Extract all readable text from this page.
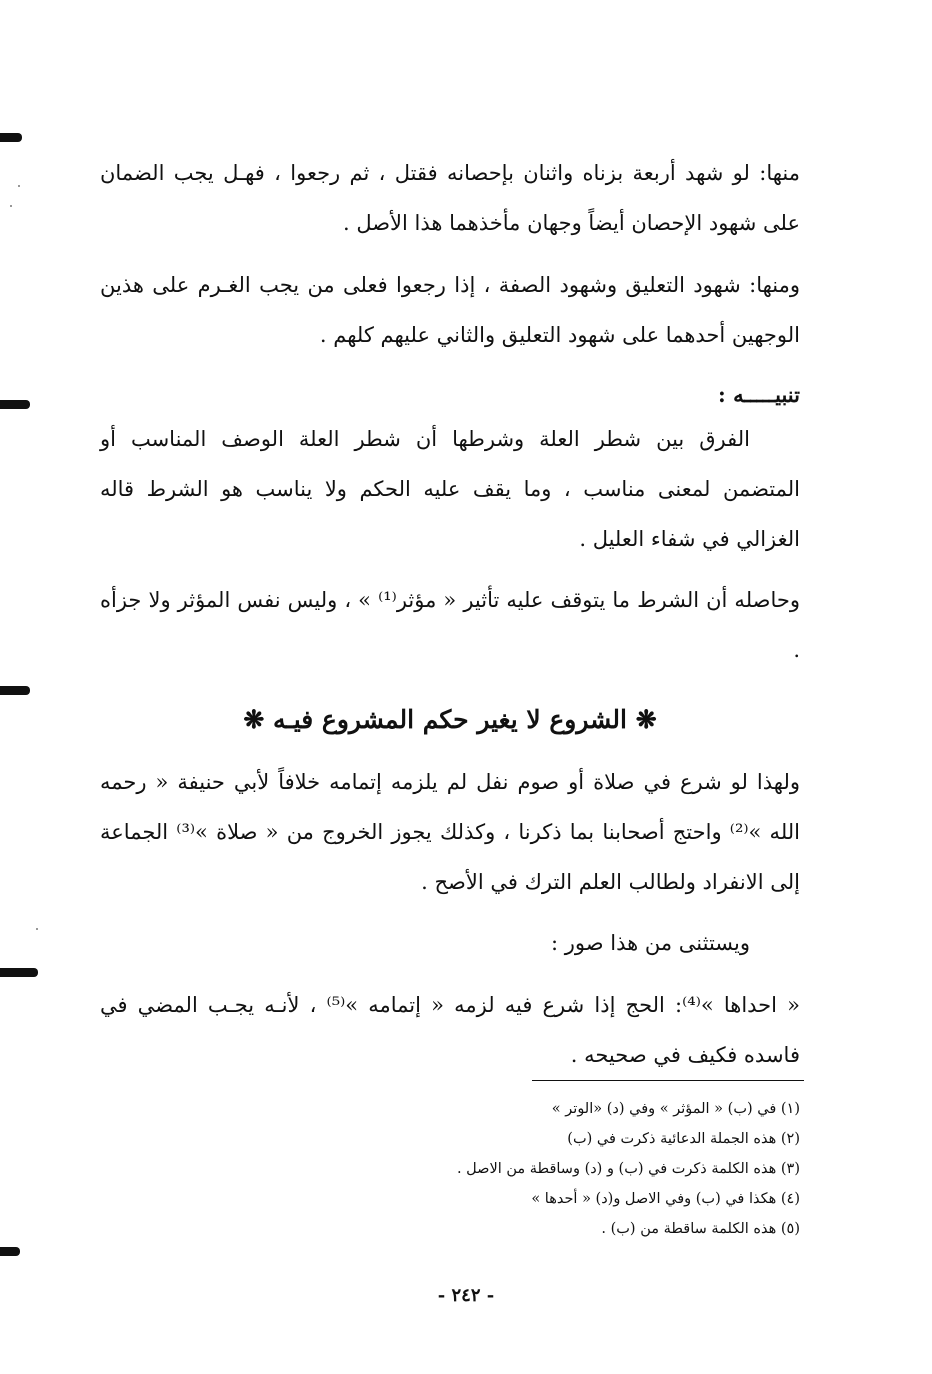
منها: لو شهد أربعة بزناه واثنان بإحصانه فقتل ، ثم رجعوا ، فهـل يجب الضمان على شهود الإحصان أيضاً وجهان مأخذهما هذا الأصل .
ومنها: شهود التعليق وشهود الصفة ، إذا رجعوا فعلى من يجب الغـرم على هذين الوجهين أحدهما على شهود التعليق والثاني عليهم كلهم .
تنبيـــــه :
الفرق بين شطر العلة وشرطها أن شطر العلة الوصف المناسب أو المتضمن لمعنى مناسب ، وما يقف عليه الحكم ولا يناسب هو الشرط قاله الغزالي في شفاء العليل .
وحاصله أن الشرط ما يتوقف عليه تأثير « مؤثر⁽¹⁾ » ، وليس نفس المؤثر ولا جزأه .
❋ الشروع لا يغير حكم المشروع فيـه ❋
ولهذا لو شرع في صلاة أو صوم نفل لم يلزمه إتمامه خلافاً لأبي حنيفة « رحمه الله »⁽²⁾ واحتج أصحابنا بما ذكرنا ، وكذلك يجوز الخروج من « صلاة »⁽³⁾ الجماعة إلى الانفراد ولطالب العلم الترك في الأصح .
ويستثنى من هذا صور :
« احداها »⁽⁴⁾: الحج إذا شرع فيه لزمه « إتمامه »⁽⁵⁾ ، لأنـه يجـب المضي في فاسده فكيف في صحيحه .
(١) في (ب) « المؤثر » وفي (د) «الوتر »
(٢) هذه الجملة الدعائية ذكرت في (ب)
(٣) هذه الكلمة ذكرت في (ب) و (د) وساقطة من الاصل .
(٤) هكذا في (ب) وفي الاصل و(د) « أحدها »
(٥) هذه الكلمة ساقطة من (ب) .
- ٢٤٢ -
